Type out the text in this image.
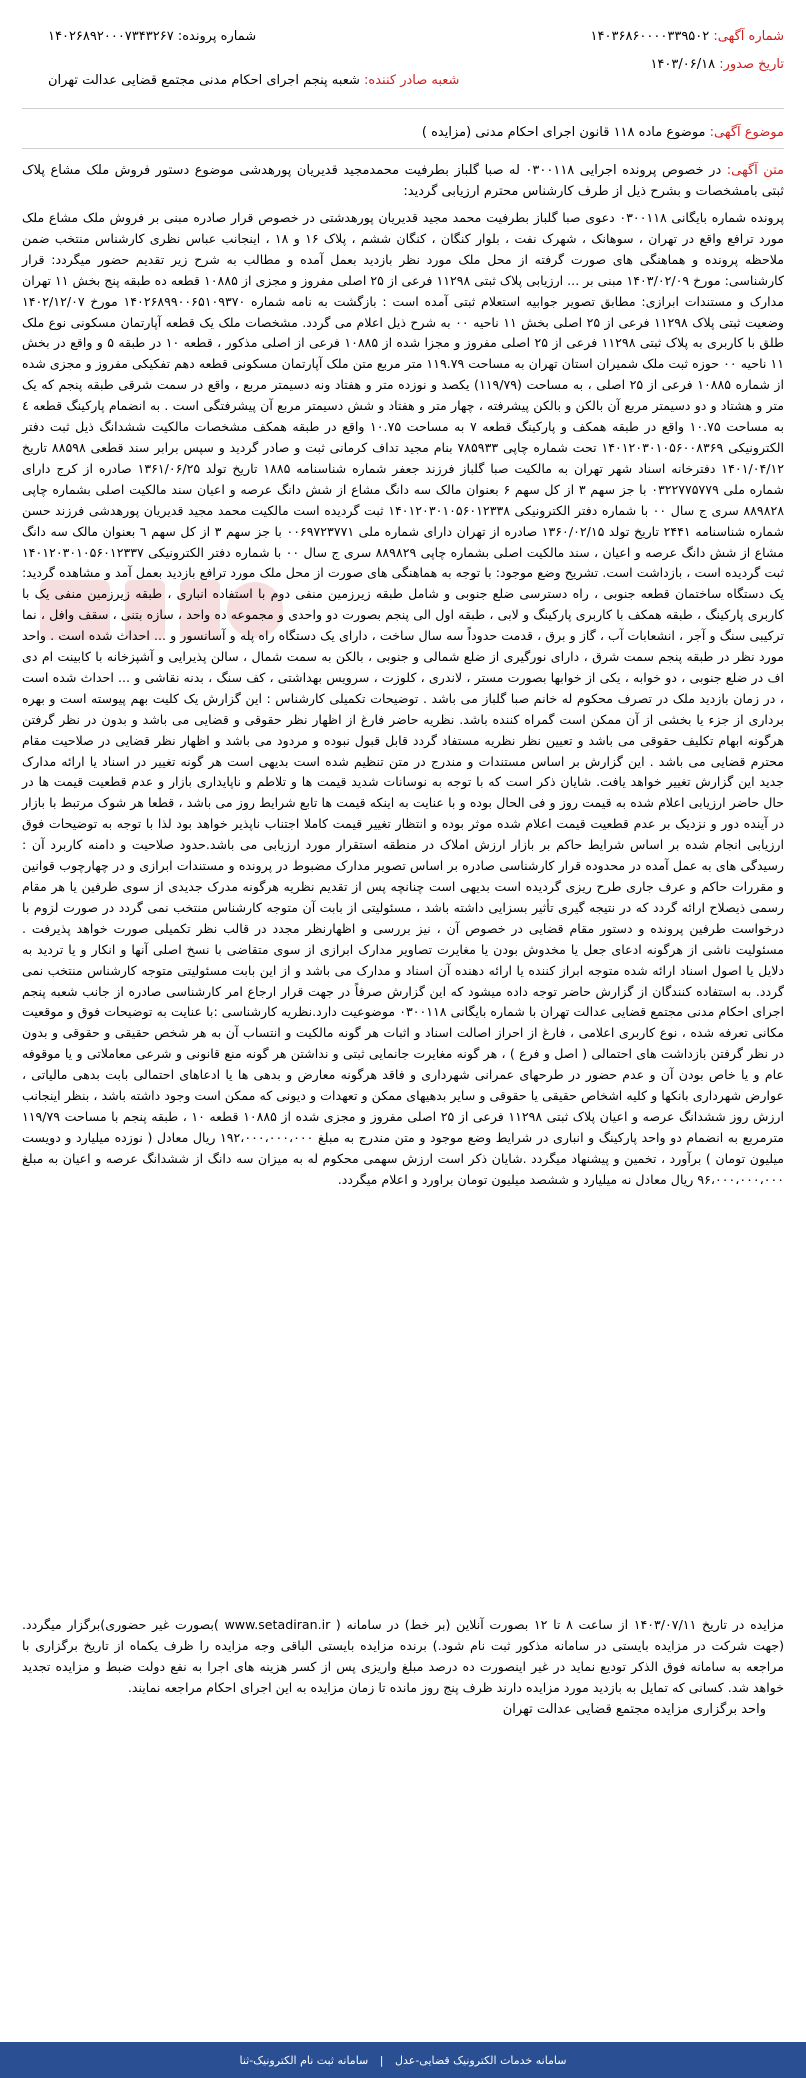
شماره آگهی: ۱۴۰۳۶۸۶۰۰۰۰۳۳۹۵۰۲
شماره پرونده: ۱۴۰۲۶۸۹۲۰۰۰۷۳۴۳۲۶۷
تاریخ صدور: ۱۴۰۳/۰۶/۱۸
شعبه صادر کننده: شعبه پنجم اجرای احکام مدنی مجتمع قضایی عدالت تهران
موضوع آگهی: موضوع ماده ۱۱۸ قانون اجرای احکام مدنی (مزایده )
متن آگهی: در خصوص پرونده اجرایی ۰۳۰۰۱۱۸ له صبا گلباز بطرفیت محمدمجید قدیریان پورهدشی موضوع دستور فروش ملک مشاع پلاک ثبتی بامشخصات و بشرح ذیل از طرف کارشناس محترم ارزیابی گردید:
پرونده شماره بایگانی ۰۳۰۰۱۱۸ دعوی صبا گلباز بطرفیت محمد مجید قدیریان پورهدشتی در خصوص قرار صادره مبنی بر فروش ملک مشاع ملک مورد ترافع واقع در تهران ، سوهانک ، شهرک نفت ، بلوار کنگان ، کنگان ششم ، پلاک ۱۶ و ۱۸ ، اینجانب عباس نظری کارشناس منتخب ضمن ملاحظه پرونده و هماهنگی های صورت گرفته از محل ملک مورد نظر بازدید بعمل آمده و مطالب به شرح زیر تقدیم حضور میگردد: قرار کارشناسی: مورخ ۱۴۰۳/۰۲/۰۹ مبنی بر ... ارزیابی پلاک ثبتی ۱۱۲۹۸ فرعی از ۲۵ اصلی مفروز و مجزی از ۱۰۸۸۵ قطعه ده طبقه پنج بخش ۱۱ تهران مدارک و مستندات ابرازی: مطابق تصویر جوابیه استعلام ثبتی آمده است : بازگشت به نامه شماره ۱۴۰۲۶۸۹۹۰۰۶۵۱۰۹۳۷۰ مورخ ۱۴۰۲/۱۲/۰۷ وضعیت ثبتی پلاک ۱۱۲۹۸ فرعی از ۲۵ اصلی بخش ۱۱ ناحیه ۰۰ به شرح ذیل اعلام می گردد. مشخصات ملک یک قطعه آپارتمان مسکونی نوع ملک طلق با کاربری به پلاک ثبتی ۱۱۲۹۸ فرعی از ۲۵ اصلی مفروز و مجزا شده از ۱۰۸۸۵ فرعی از اصلی مذکور ، قطعه ۱۰ در طبقه ۵ و واقع در بخش ۱۱ ناحیه ۰۰ حوزه ثبت ملک شمیران استان تهران به مساحت ۱۱۹.۷۹ متر مربع متن ملک آپارتمان مسکونی قطعه دهم تفکیکی مفروز و مجزی شده از شماره ۱۰۸۸۵ فرعی از ۲۵ اصلی ، به مساحت (۱۱۹/۷۹) یکصد و نوزده متر و هفتاد ونه دسیمتر مربع ، واقع در سمت شرقی طبقه پنجم که یک متر و هشتاد و دو دسیمتر مربع آن بالکن و بالکن پیشرفته ، چهار متر و هفتاد و شش دسیمتر مربع آن پیشرفتگی است . به انضمام پارکینگ قطعه ٤ به مساحت ۱۰.۷۵ واقع در طبقه همکف و پارکینگ قطعه ۷ به مساحت ۱۰.۷۵ واقع در طبقه همکف مشخصات مالکیت ششدانگ ذیل ثبت دفتر الکترونیکی ۱۴۰۱۲۰۳۰۱۰۵۶۰۰۸۳۶۹ تحت شماره چاپی ۷۸۵۹۳۳ بنام مجید تداف کرمانی ثبت و صادر گردید و سپس برابر سند قطعی ۸۸۵۹۸ تاریخ ۱۴۰۱/۰۴/۱۲ دفترخانه اسناد شهر تهران به مالکیت صبا گلباز فرزند جعفر شماره شناسنامه ۱۸۸۵ تاریخ تولد ۱۳۶۱/۰۶/۲۵ صادره از کرج دارای شماره ملی ۰۳۲۲۷۷۵۷۷۹ با جز سهم ۳ از کل سهم ۶ بعنوان مالک سه دانگ مشاع از شش دانگ عرصه و اعیان سند مالکیت اصلی بشماره چاپی ۸۸۹۸۲۸ سری ج سال ۰۰ با شماره دفتر الکترونیکی ۱۴۰۱۲۰۳۰۱۰۵۶۰۱۲۳۳۸ ثبت گردیده است مالکیت محمد مجید قدیریان پورهدشی فرزند حسن شماره شناسنامه ۲۴۴۱ تاریخ تولد ۱۳۶۰/۰۲/۱۵ صادره از تهران دارای شماره ملی ۰۰۶۹۷۲۳۷۷۱ با جز سهم ۳ از کل سهم ٦ بعنوان مالک سه دانگ مشاع از شش دانگ عرصه و اعیان ، سند مالکیت اصلی بشماره چاپی ۸۸۹۸۲۹ سری ج سال ۰۰ با شماره دفتر الکترونیکی ۱۴۰۱۲۰۳۰۱۰۵۶۰۱۲۳۳۷ ثبت گردیده است ، بازداشت است. تشریح وضع موجود: با توجه به هماهنگی های صورت از محل ملک مورد ترافع بازدید بعمل آمد و مشاهده گردید: یک دستگاه ساختمان قطعه جنوبی ، راه دسترسی ضلع جنوبی و شامل طبقه زیرزمین منفی دوم با استفاده انباری ، طبقه زیرزمین منفی یک با کاربری پارکینگ ، طبقه همکف با کاربری پارکینگ و لابی ، طبقه اول الی پنجم بصورت دو واحدی و مجموعه ده واحد ، سازه بتنی ، سقف وافل ، نما ترکیبی سنگ و آجر ، انشعابات آب ، گاز و برق ، قدمت حدوداً سه سال ساخت ، دارای یک دستگاه راه پله و آسانسور و ... احداث شده است . واحد مورد نظر در طبقه پنجم سمت شرق ، دارای نورگیری از ضلع شمالی و جنوبی ، بالکن به سمت شمال ، سالن پذیرایی و آشپزخانه با کابینت ام دی اف در ضلع جنوبی ، دو خوابه ، یکی از خوابها بصورت مستر ، لاندری ، کلوزت ، سرویس بهداشتی ، کف سنگ ، بدنه نقاشی و ... احداث شده است ، در زمان بازدید ملک در تصرف محکوم له خانم صبا گلباز می باشد . توضیحات تکمیلی کارشناس : این گزارش یک کلیت بهم پیوسته است و بهره برداری از جزء یا بخشی از آن ممکن است گمراه کننده باشد. نظریه حاضر فارغ از اظهار نظر حقوقی و قضایی می باشد و بدون در نظر گرفتن هرگونه ابهام تکلیف حقوقی می باشد و تعیین نظر نظریه مستفاد گردد قابل قبول نبوده و مردود می باشد و اظهار نظر قضایی در صلاحیت مقام محترم قضایی می باشد . این گزارش بر اساس مستندات و مندرج در متن تنظیم شده است بدیهی است هر گونه تغییر در اسناد یا ارائه مدارک جدید این گزارش تغییر خواهد یافت. شایان ذکر است که با توجه به نوسانات شدید قیمت ها و تلاطم و ناپایداری بازار و عدم قطعیت قیمت ها در حال حاضر ارزیابی اعلام شده به قیمت روز و فی الحال بوده و با عنایت به اینکه قیمت ها تابع شرایط روز می باشد ، قطعا هر شوک مرتبط با بازار در آینده دور و نزدیک بر عدم قطعیت قیمت اعلام شده موثر بوده و انتظار تغییر قیمت کاملا اجتناب ناپذیر خواهد بود لذا با توجه به توضیحات فوق ارزیابی انجام شده بر اساس شرایط حاکم بر بازار ارزش املاک در منطقه استقرار مورد ارزیابی می باشد.حدود صلاحیت و دامنه کاربرد آن : رسیدگی های به عمل آمده در محدوده قرار کارشناسی صادره بر اساس تصویر مدارک مضبوط در پرونده و مستندات ابرازی و در چهارچوب قوانین و مقررات حاکم و عرف جاری طرح ریزی گردیده است بدیهی است چنانچه پس از تقدیم نظریه هرگونه مدرک جدیدی از سوی طرفین یا هر مقام رسمی ذیصلاح ارائه گردد که در نتیجه گیری تأثیر بسزایی داشته باشد ، مسئولیتی از بابت آن متوجه کارشناس منتخب نمی گردد در صورت لزوم با درخواست طرفین پرونده و دستور مقام قضایی در خصوص آن ، نیز بررسی و اظهارنظر مجدد در قالب نظر تکمیلی صورت خواهد پذیرفت . مسئولیت ناشی از هرگونه ادعای جعل یا مخدوش بودن یا مغایرت تصاویر مدارک ابرازی از سوی متقاضی با نسخ اصلی آنها و انکار و یا تردید به دلایل یا اصول اسناد ارائه شده متوجه ابراز کننده یا ارائه دهنده آن اسناد و مدارک می باشد و از این بابت مسئولیتی متوجه کارشناس منتخب نمی گردد. به استفاده کنندگان از گزارش حاضر توجه داده میشود که این گزارش صرفاً در جهت قرار ارجاع امر کارشناسی صادره از جانب شعبه پنجم اجرای احکام مدنی مجتمع قضایی عدالت تهران با شماره بایگانی ۰۳۰۰۱۱۸ موضوعیت دارد.نظریه کارشناسی :با عنایت به توضیحات فوق و موقعیت مکانی تعرفه شده ، نوع کاربری اعلامی ، فارغ از احراز اصالت اسناد و اثبات هر گونه مالکیت و انتساب آن به هر شخص حقیقی و حقوقی و بدون در نظر گرفتن بازداشت های احتمالی ( اصل و فرع ) ، هر گونه مغایرت جانمایی ثبتی و نداشتن هر گونه منع قانونی و شرعی معاملاتی و یا موقوفه عام و یا خاص بودن آن و عدم حضور در طرحهای عمرانی شهرداری و فاقد هرگونه معارض و بدهی ها یا ادعاهای احتمالی بابت بدهی مالیاتی ، عوارض شهرداری بانکها و کلیه اشخاص حقیقی یا حقوقی و سایر بدهیهای ممکن و تعهدات و دیونی که ممکن است وجود داشته باشد ، بنظر اینجانب ارزش روز ششدانگ عرصه و اعیان پلاک ثبتی ۱۱۲۹۸ فرعی از ۲۵ اصلی مفروز و مجزی شده از ۱۰۸۸۵ قطعه ۱۰ ، طبقه پنجم با مساحت ۱۱۹/۷۹ مترمربع به انضمام دو واحد پارکینگ و انباری در شرایط وضع موجود و متن مندرج به مبلغ ۱۹۲،۰۰۰،۰۰۰،۰۰۰ ریال معادل ( نوزده میلیارد و دویست میلیون تومان ) برآورد ، تخمین و پیشنهاد میگردد .شایان ذکر است ارزش سهمی محکوم له به میزان سه دانگ از ششدانگ عرصه و اعیان به مبلغ ۹۶،۰۰۰،۰۰۰،۰۰۰ ریال معادل نه میلیارد و ششصد میلیون تومان براورد و اعلام میگردد.
مزایده در تاریخ ۱۴۰۳/۰۷/۱۱ از ساعت ۸ تا ۱۲ بصورت آنلاین (بر خط) در سامانه ( www.setadiran.ir )بصورت غیر حضوری)برگزار میگردد. (جهت شرکت در مزایده بایستی در سامانه مذکور ثبت نام شود.) برنده مزایده بایستی الباقی وجه مزایده را ظرف یکماه از تاریخ برگزاری با مراجعه به سامانه فوق الذکر تودیع نماید در غیر اینصورت ده درصد مبلغ واریزی پس از کسر هزینه های اجرا به نفع دولت ضبط و مزایده تجدید خواهد شد. کسانی که تمایل به بازدید مورد مزایده دارند ظرف پنج روز مانده تا زمان مزایده به این اجرای احکام مراجعه نمایند.
واحد برگزاری مزایده مجتمع قضایی عدالت تهران
سامانه خدمات الکترونیک قضایی-عدل | سامانه ثبت نام الکترونیک-ثنا
